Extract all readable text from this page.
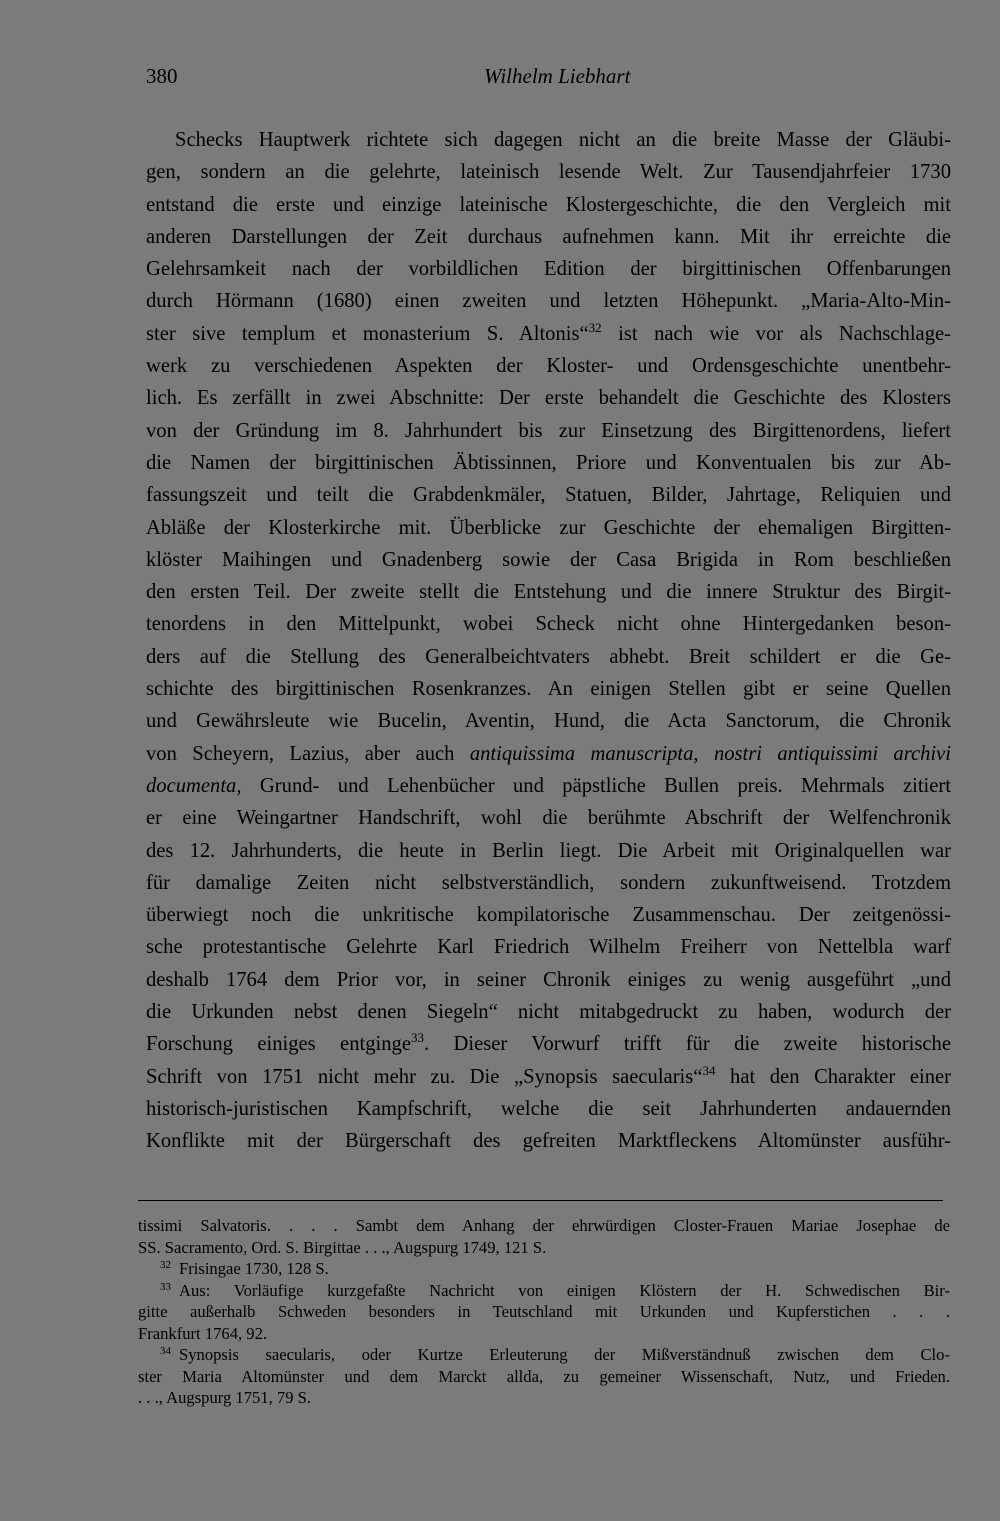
380	Wilhelm Liebhart
Schecks Hauptwerk richtete sich dagegen nicht an die breite Masse der Gläubi-
gen, sondern an die gelehrte, lateinisch lesende Welt. Zur Tausendjahrfeier 1730
entstand die erste und einzige lateinische Klostergeschichte, die den Vergleich mit
anderen Darstellungen der Zeit durchaus aufnehmen kann. Mit ihr erreichte die
Gelehrsamkeit nach der vorbildlichen Edition der birgittinischen Offenbarungen
durch Hörmann (1680) einen zweiten und letzten Höhepunkt. „Maria-Alto-Min-
ster sive templum et monasterium S. Altonis“$^{32}$ ist nach wie vor als Nachschlage-
werk zu verschiedenen Aspekten der Kloster- und Ordensgeschichte unentbehr-
lich. Es zerfällt in zwei Abschnitte: Der erste behandelt die Geschichte des Klosters
von der Gründung im 8. Jahrhundert bis zur Einsetzung des Birgittenordens, liefert
die Namen der birgittinischen Äbtissinnen, Priore und Konventualen bis zur Ab-
fassungszeit und teilt die Grabdenkmäler, Statuen, Bilder, Jahrtage, Reliquien und
Abläße der Klosterkirche mit. Überblicke zur Geschichte der ehemaligen Birgitten-
klöster Maihingen und Gnadenberg sowie der Casa Brigida in Rom beschließen
den ersten Teil. Der zweite stellt die Entstehung und die innere Struktur des Birgit-
tenordens in den Mittelpunkt, wobei Scheck nicht ohne Hintergedanken beson-
ders auf die Stellung des Generalbeichtvaters abhebt. Breit schildert er die Ge-
schichte des birgittinischen Rosenkranzes. An einigen Stellen gibt er seine Quellen
und Gewährsleute wie Bucelin, Aventin, Hund, die Acta Sanctorum, die Chronik
von Scheyern, Lazius, aber auch antiquissima manuscripta, nostri antiquissimi archivi
documenta, Grund- und Lehenbücher und päpstliche Bullen preis. Mehrmals zitiert
er eine Weingartner Handschrift, wohl die berühmte Abschrift der Welfenchronik
des 12. Jahrhunderts, die heute in Berlin liegt. Die Arbeit mit Originalquellen war
für damalige Zeiten nicht selbstverständlich, sondern zukunftweisend. Trotzdem
überwiegt noch die unkritische kompilatorische Zusammenschau. Der zeitgenössi-
sche protestantische Gelehrte Karl Friedrich Wilhelm Freiherr von Nettelbla warf
deshalb 1764 dem Prior vor, in seiner Chronik einiges zu wenig ausgeführt „und
die Urkunden nebst denen Siegeln“ nicht mitabgedruckt zu haben, wodurch der
Forschung einiges entginge$^{33}$. Dieser Vorwurf trifft für die zweite historische
Schrift von 1751 nicht mehr zu. Die „Synopsis saecularis“$^{34}$ hat den Charakter einer
historisch-juristischen Kampfschrift, welche die seit Jahrhunderten andauernden
Konflikte mit der Bürgerschaft des gefreiten Marktfleckens Altomünster ausführ-
tissimi Salvatoris. . . . Sambt dem Anhang der ehrwürdigen Closter-Frauen Mariae Josephae de
SS. Sacramento, Ord. S. Birgittae . . ., Augspurg 1749, 121 S.
$^{32}$ Frisingae 1730, 128 S.
$^{33}$ Aus: Vorläufige kurzgefaßte Nachricht von einigen Klöstern der H. Schwedischen Bir-
gitte außerhalb Schweden besonders in Teutschland mit Urkunden und Kupferstichen . . .
Frankfurt 1764, 92.
$^{34}$ Synopsis saecularis, oder Kurtze Erleuterung der Mißverständnuß zwischen dem Clo-
ster Maria Altomünster und dem Marckt allda, zu gemeiner Wissenschaft, Nutz, und Frieden.
. . ., Augspurg 1751, 79 S.
